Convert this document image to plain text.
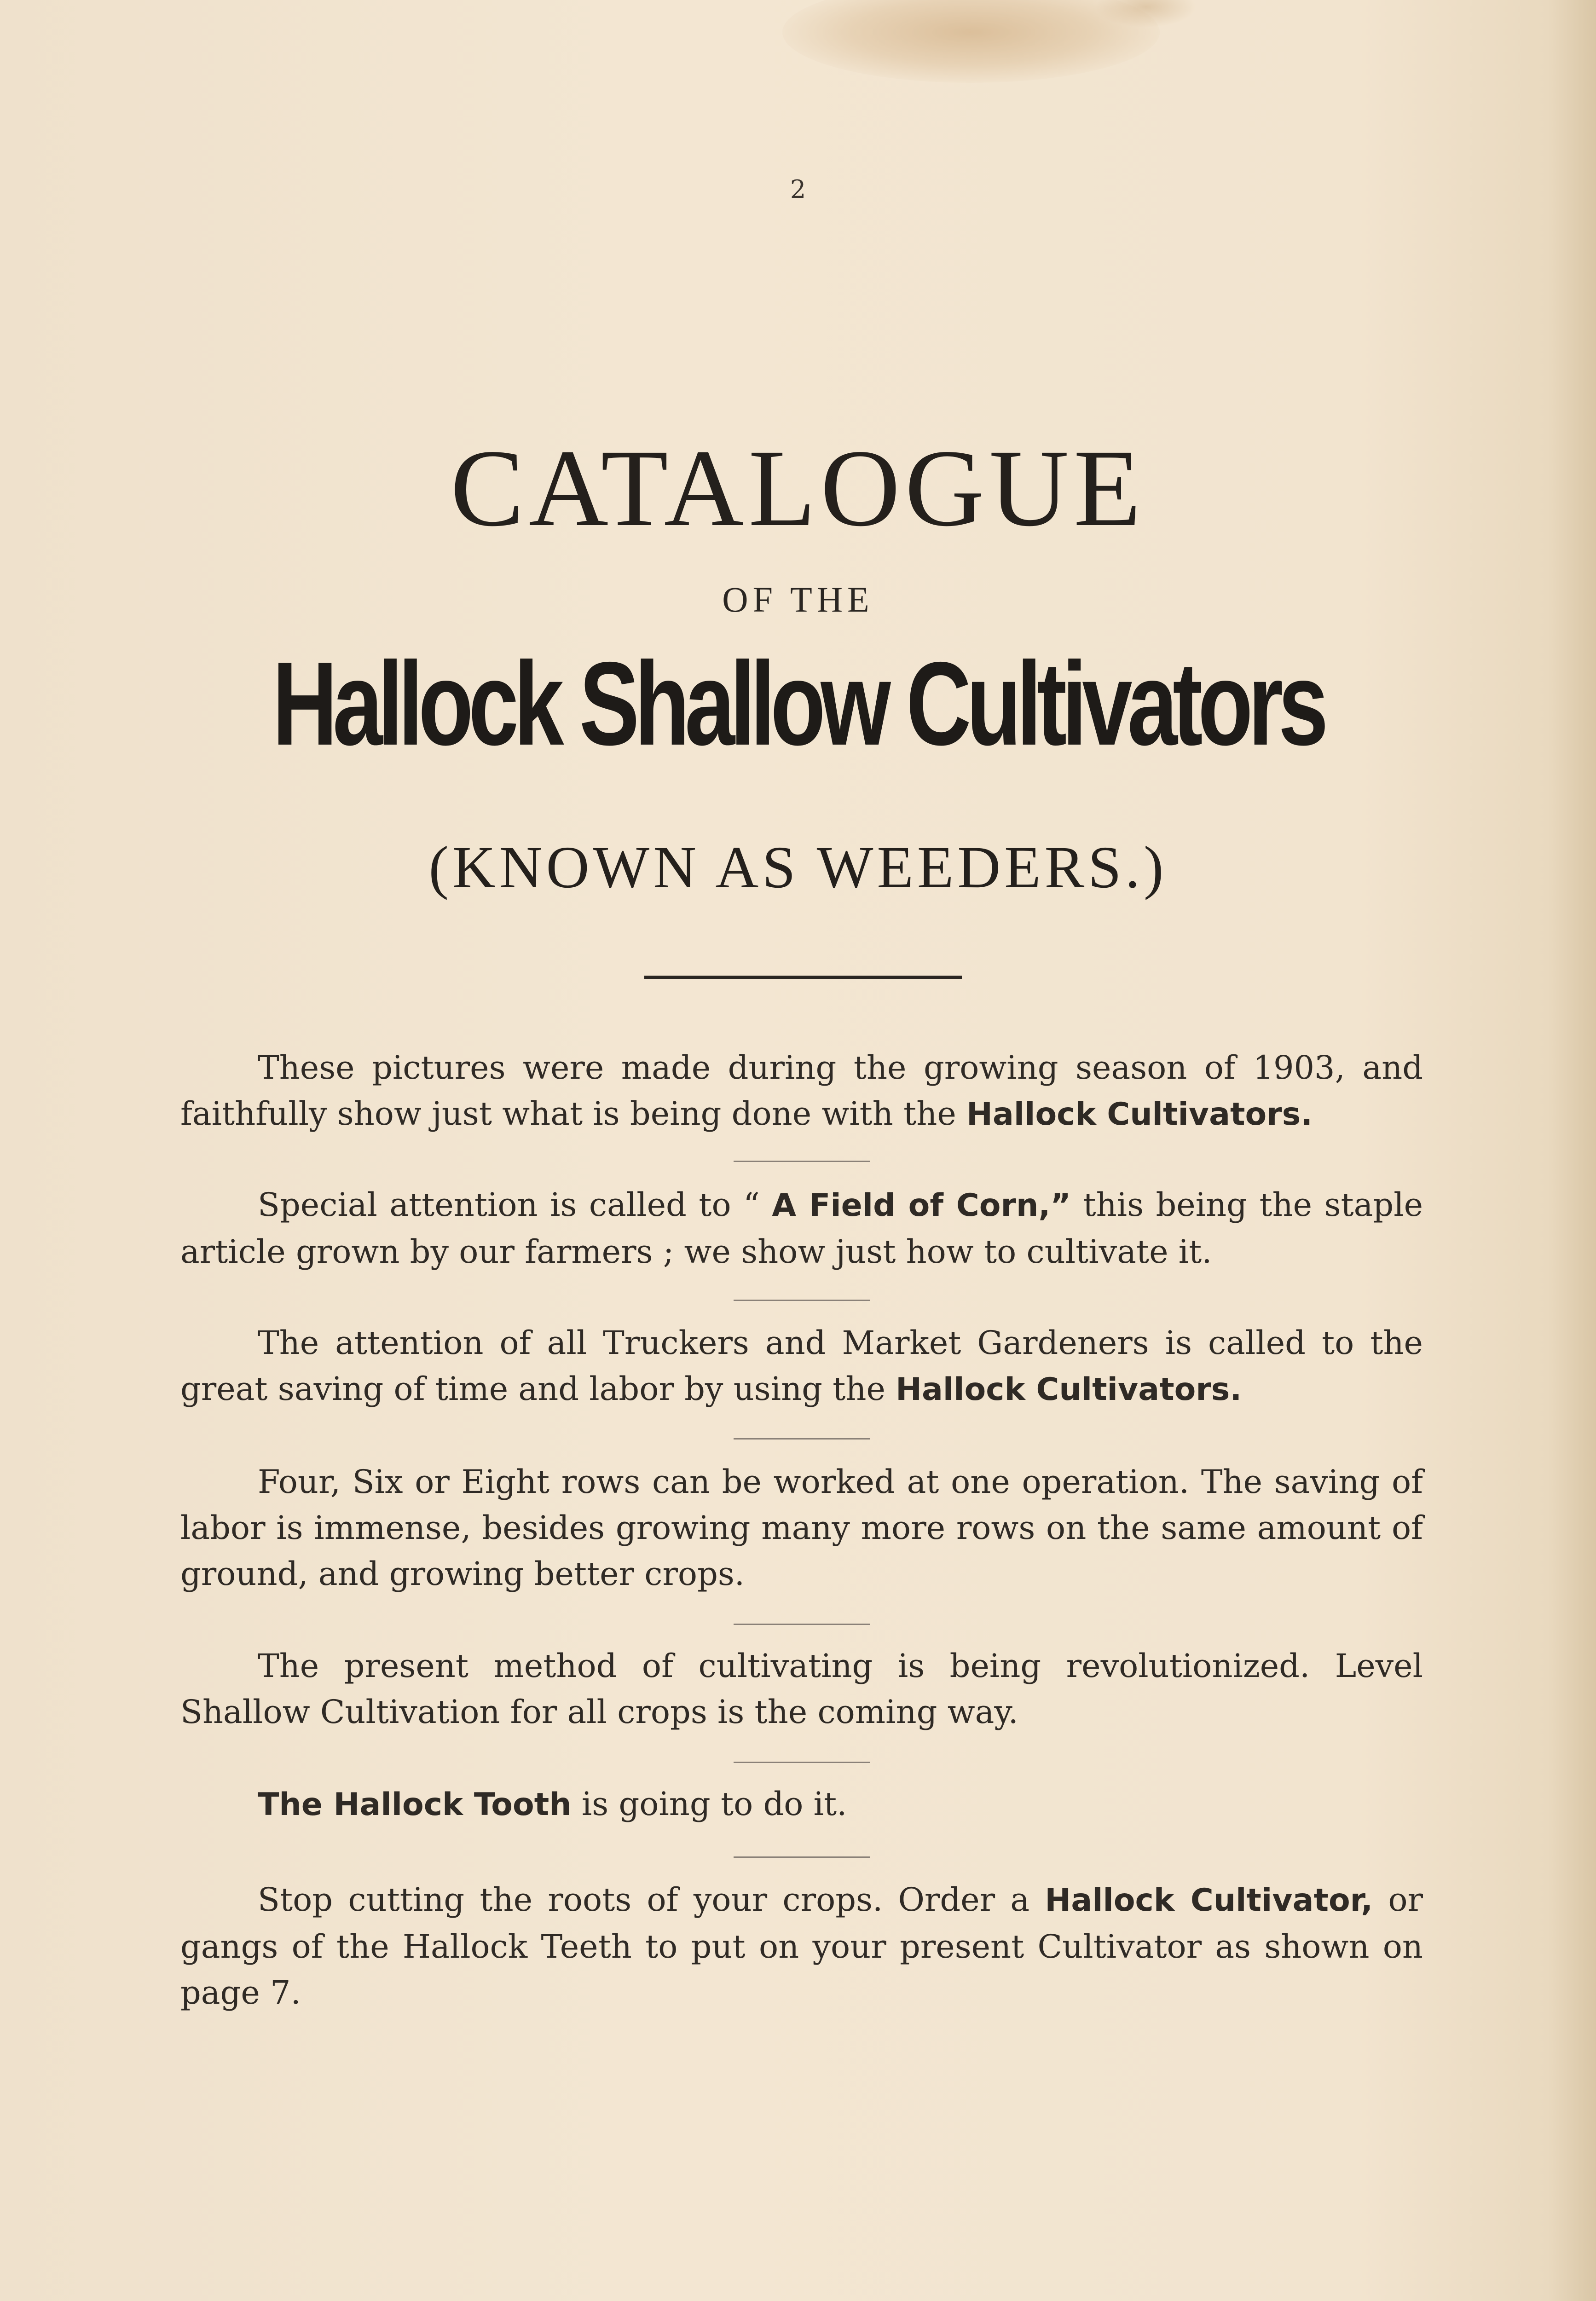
2
CATALOGUE
OF THE
Hallock Shallow Cultivators
(KNOWN AS WEEDERS.)
These pictures were made during the growing season of 1903, and faithfully show just what is being done with the Hallock Cultivators.
Special attention is called to “ A Field of Corn,” this being the staple article grown by our farmers ; we show just how to cultivate it.
The attention of all Truckers and Market Gardeners is called to the great saving of time and labor by using the Hallock Cultivators.
Four, Six or Eight rows can be worked at one operation. The saving of labor is immense, besides growing many more rows on the same amount of ground, and growing better crops.
The present method of cultivating is being revolutionized. Level Shallow Cultivation for all crops is the coming way.
The Hallock Tooth is going to do it.
Stop cutting the roots of your crops. Order a Hallock Cultivator, or gangs of the Hallock Teeth to put on your present Cultivator as shown on page 7.
